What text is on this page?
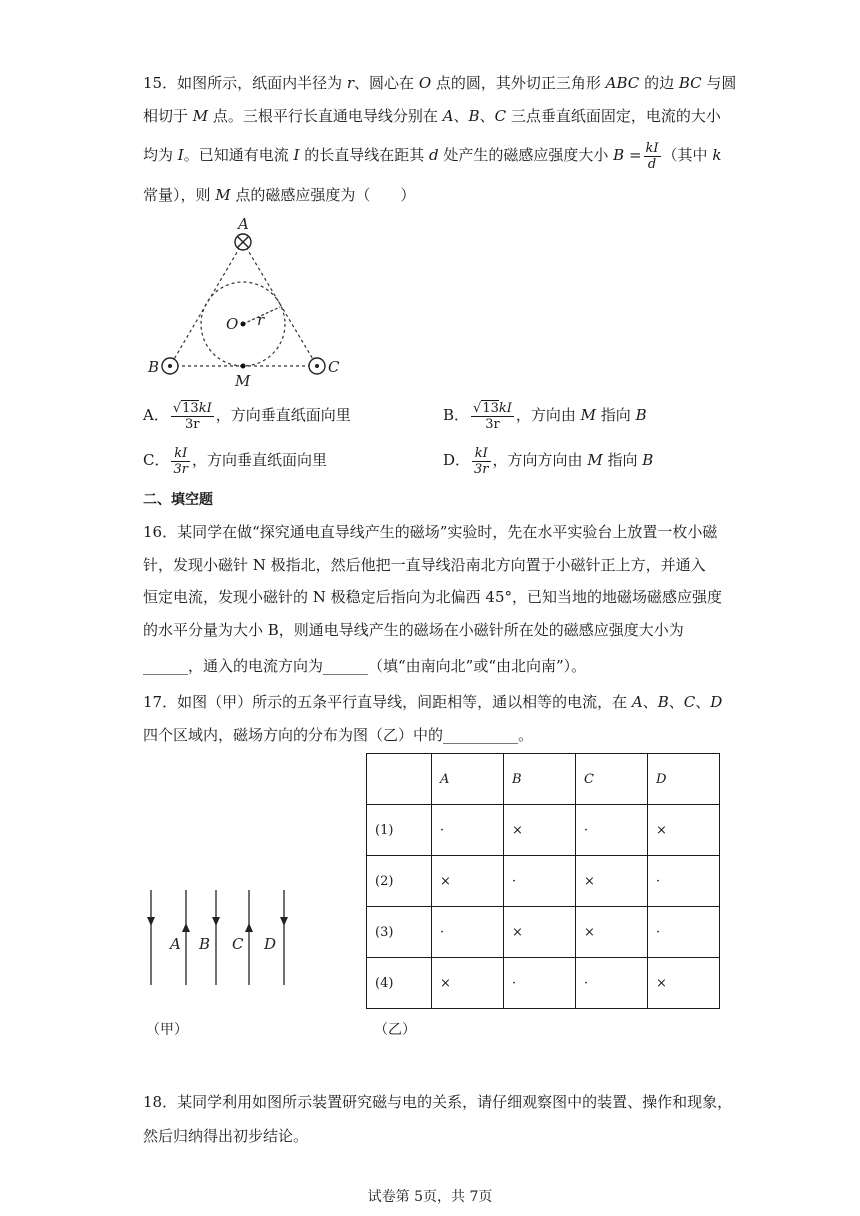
15．如图所示，纸面内半径为 r、圆心在 O 点的圆，其外切正三角形 ABC 的边 BC 与圆
相切于 M 点。三根平行长直通电导线分别在 A、B、C 三点垂直纸面固定，电流的大小
均为 I。已知通有电流 I 的长直导线在距其 d 处产生的磁感应强度大小 $B = \frac{kI}{d}$ （其中 k
常量），则 M 点的磁感应强度为（　　）
A
B	C
O r
M
A． $\frac{√13kI}{3r}$ ，方向垂直纸面向里	B． $\frac{√13kI}{3r}$ ，方向由 M 指向 B
C． $\frac{kI}{3r}$ ，方向垂直纸面向里	D． $\frac{kI}{3r}$ ，方向方向由 M 指向 B
二、填空题
16．某同学在做“探究通电直导线产生的磁场”实验时，先在水平实验台上放置一枚小磁
针，发现小磁针 N 极指北，然后他把一直导线沿南北方向置于小磁针正上方，并通入
恒定电流，发现小磁针的 N 极稳定后指向为北偏西 45°，已知当地的地磁场磁感应强度
的水平分量为大小 B，则通电导线产生的磁场在小磁针所在处的磁感应强度大小为
______，通入的电流方向为______（填“由南向北”或“由北向南”）。
17．如图（甲）所示的五条平行直导线，间距相等，通以相等的电流，在 A、B、C、D
四个区域内，磁场方向的分布为图（乙）中的__________。
A B C D
（甲）	（乙）
	A	B	C	D
(1)	·	×	·	×
(2)	×	·	×	·
(3)	·	×	×	·
(4)	×	·	·	×
18．某同学利用如图所示装置研究磁与电的关系，请仔细观察图中的装置、操作和现象，
然后归纳得出初步结论。
试卷第 5页，共 7页
